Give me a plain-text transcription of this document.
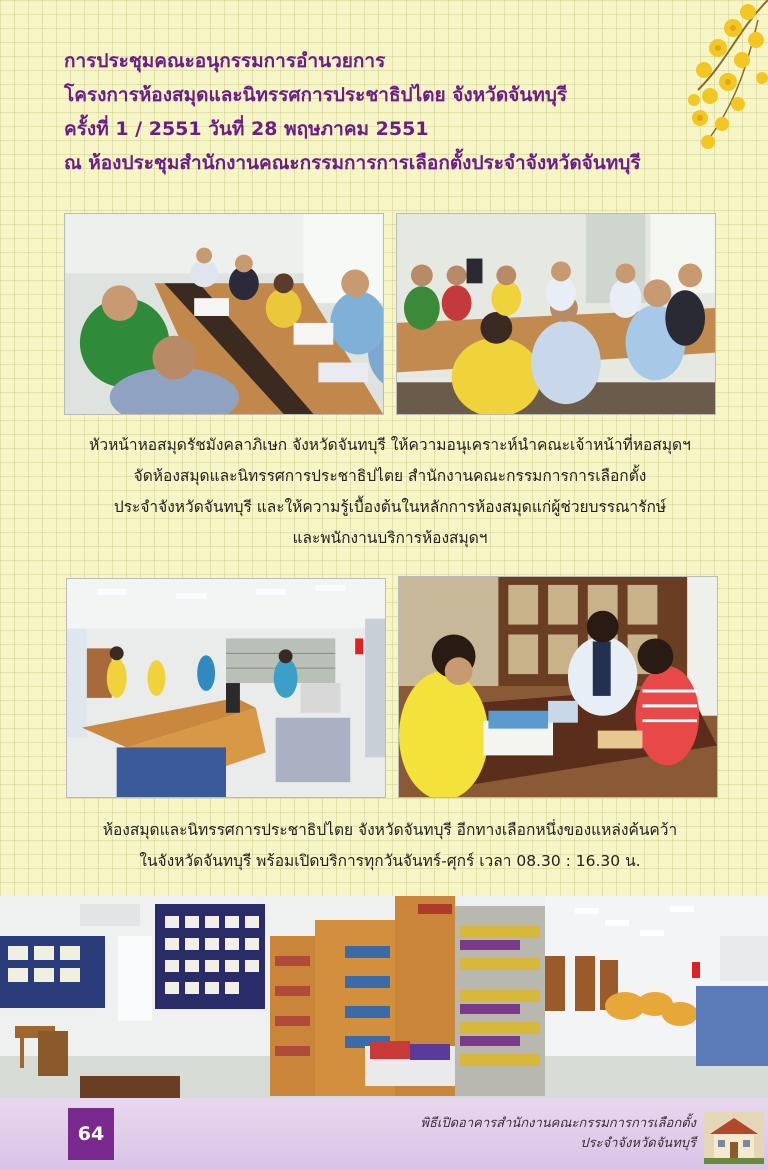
การประชุมคณะอนุกรรมการอำนวยการ
โครงการห้องสมุดและนิทรรศการประชาธิปไตย จังหวัดจันทบุรี
ครั้งที่ 1 / 2551 วันที่ 28 พฤษภาคม 2551
ณ ห้องประชุมสำนักงานคณะกรรมการการเลือกตั้งประจำจังหวัดจันทบุรี
หัวหน้าหอสมุดรัชมังคลาภิเษก จังหวัดจันทบุรี ให้ความอนุเคราะห์นำคณะเจ้าหน้าที่หอสมุดฯ
จัดห้องสมุดและนิทรรศการประชาธิปไตย สำนักงานคณะกรรมการการเลือกตั้ง
ประจำจังหวัดจันทบุรี และให้ความรู้เบื้องต้นในหลักการห้องสมุดแก่ผู้ช่วยบรรณารักษ์
และพนักงานบริการห้องสมุดฯ
ห้องสมุดและนิทรรศการประชาธิปไตย จังหวัดจันทบุรี อีกทางเลือกหนึ่งของแหล่งค้นคว้า
ในจังหวัดจันทบุรี พร้อมเปิดบริการทุกวันจันทร์-ศุกร์ เวลา 08.30 : 16.30 น.
64	พิธีเปิดอาคารสำนักงานคณะกรรมการการเลือกตั้ง
ประจำจังหวัดจันทบุรี
